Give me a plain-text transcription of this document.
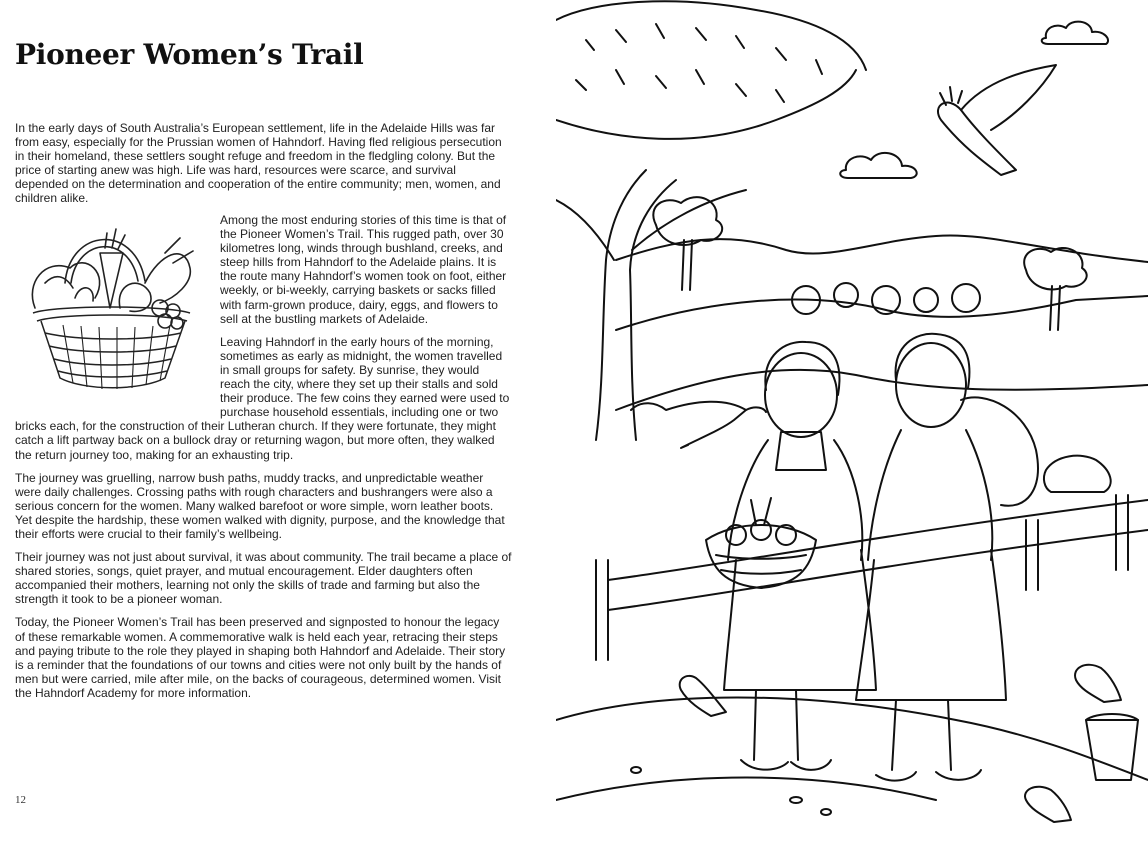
Pioneer Women’s Trail

In the early days of South Australia’s European settlement, life in the Adelaide Hills was far from easy, especially for the Prussian women of Hahndorf. Having fled religious persecution in their homeland, these settlers sought refuge and freedom in the fledgling colony. But the price of starting anew was high. Life was hard, resources were scarce, and survival depended on the determination and cooperation of the entire community; men, women, and children alike.

Among the most enduring stories of this time is that of the Pioneer Women’s Trail. This rugged path, over 30 kilometres long, winds through bushland, creeks, and steep hills from Hahndorf to the Adelaide plains. It is the route many Hahndorf’s women took on foot, either weekly, or bi-weekly, carrying baskets or sacks filled with farm-grown produce, dairy, eggs, and flowers to sell at the bustling markets of Adelaide.

Leaving Hahndorf in the early hours of the morning, sometimes as early as midnight, the women travelled in small groups for safety. By sunrise, they would reach the city, where they set up their stalls and sold their produce. The few coins they earned were used to purchase household essentials, including one or two bricks each, for the construction of their Lutheran church. If they were fortunate, they might catch a lift partway back on a bullock dray or returning wagon, but more often, they walked the return journey too, making for an exhausting trip.

The journey was gruelling, narrow bush paths, muddy tracks, and unpredictable weather were daily challenges. Crossing paths with rough characters and bushrangers were also a serious concern for the women. Many walked barefoot or wore simple, worn leather boots. Yet despite the hardship, these women walked with dignity, purpose, and the knowledge that their efforts were crucial to their family’s wellbeing.

Their journey was not just about survival, it was about community. The trail became a place of shared stories, songs, quiet prayer, and mutual encouragement. Elder daughters often accompanied their mothers, learning not only the skills of trade and farming but also the strength it took to be a pioneer woman.

Today, the Pioneer Women’s Trail has been preserved and signposted to honour the legacy of these remarkable women. A commemorative walk is held each year, retracing their steps and paying tribute to the role they played in shaping both Hahndorf and Adelaide. Their story is a reminder that the foundations of our towns and cities were not only built by the hands of men but were carried, mile after mile, on the backs of courageous, determined women. Visit the Hahndorf Academy for more information.

12
